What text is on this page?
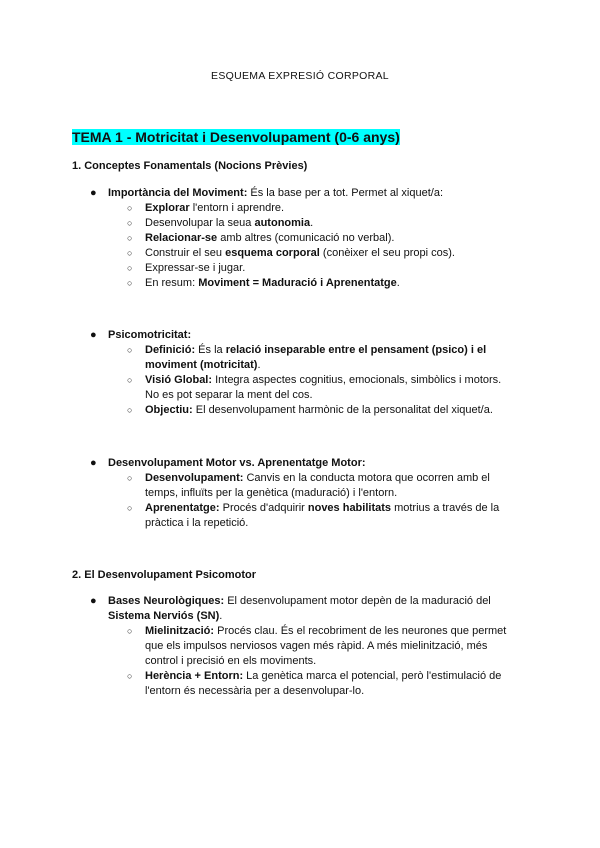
ESQUEMA EXPRESIÓ CORPORAL
TEMA 1 - Motricitat i Desenvolupament (0-6 anys)
1. Conceptes Fonamentals (Nocions Prèvies)
● Importància del Moviment: És la base per a tot. Permet al xiquet/a:
○ Explorar l'entorn i aprendre.
○ Desenvolupar la seua autonomia.
○ Relacionar-se amb altres (comunicació no verbal).
○ Construir el seu esquema corporal (conèixer el seu propi cos).
○ Expressar-se i jugar.
○ En resum: Moviment = Maduració i Aprenentatge.
● Psicomotricitat:
○ Definició: És la relació inseparable entre el pensament (psico) i el moviment (motricitat).
○ Visió Global: Integra aspectes cognitius, emocionals, simbòlics i motors. No es pot separar la ment del cos.
○ Objectiu: El desenvolupament harmònic de la personalitat del xiquet/a.
● Desenvolupament Motor vs. Aprenentatge Motor:
○ Desenvolupament: Canvis en la conducta motora que ocorren amb el temps, influïts per la genètica (maduració) i l'entorn.
○ Aprenentatge: Procés d'adquirir noves habilitats motrius a través de la pràctica i la repetició.
2. El Desenvolupament Psicomotor
● Bases Neurològiques: El desenvolupament motor depèn de la maduració del Sistema Nerviós (SN).
○ Mielinització: Procés clau. És el recobriment de les neurones que permet que els impulsos nerviosos vagen més ràpid. A més mielinització, més control i precisió en els moviments.
○ Herència + Entorn: La genètica marca el potencial, però l'estimulació de l'entorn és necessària per a desenvolupar-lo.
